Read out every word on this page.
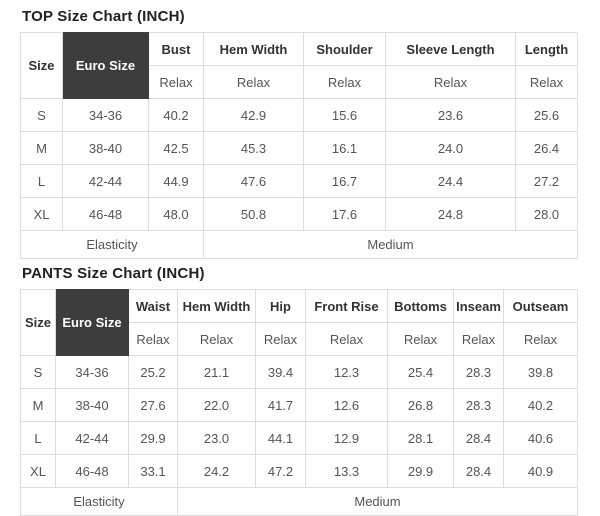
TOP Size Chart (INCH)
Size	Euro Size	Bust	Hem Width	Shoulder	Sleeve Length	Length
		Relax	Relax	Relax	Relax	Relax
S	34-36	40.2	42.9	15.6	23.6	25.6
M	38-40	42.5	45.3	16.1	24.0	26.4
L	42-44	44.9	47.6	16.7	24.4	27.2
XL	46-48	48.0	50.8	17.6	24.8	28.0
Elasticity			Medium			
PANTS Size Chart (INCH)
Size	Euro Size	Waist	Hem Width	Hip	Front Rise	Bottoms	Inseam	Outseam
		Relax	Relax	Relax	Relax	Relax	Relax	Relax
S	34-36	25.2	21.1	39.4	12.3	25.4	28.3	39.8
M	38-40	27.6	22.0	41.7	12.6	26.8	28.3	40.2
L	42-44	29.9	23.0	44.1	12.9	28.1	28.4	40.6
XL	46-48	33.1	24.2	47.2	13.3	29.9	28.4	40.9
Elasticity			Medium					
